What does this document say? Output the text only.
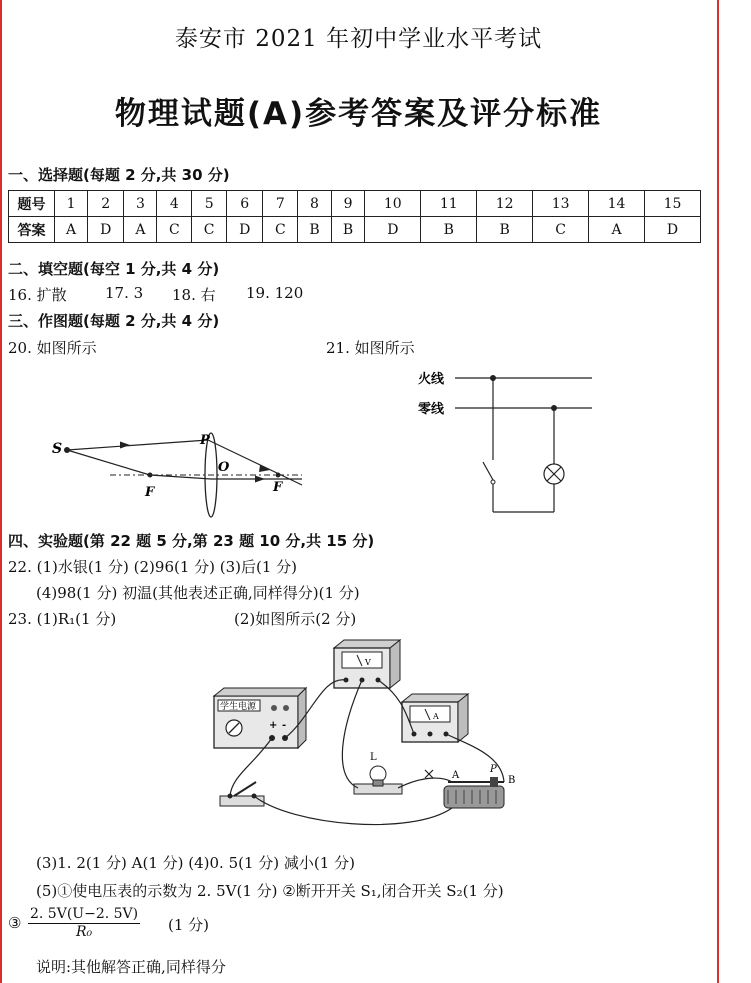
泰安市 2021 年初中学业水平考试
物理试题(A)参考答案及评分标准
一、选择题(每题 2 分,共 30 分)
题号	1	2	3	4	5	6	7	8	9	10	11	12	13	14	15
答案	A	D	A	C	C	D	C	B	B	D	B	B	C	A	D
二、填空题(每空 1 分,共 4 分)
16. 扩散	17. 3 18. 右 19. 120
三、作图题(每题 2 分,共 4 分)
20. 如图所示	21. 如图所示
S
P
O
F	F
火线
零线
四、实验题(第 22 题 5 分,第 23 题 10 分,共 15 分)
22. (1)水银(1 分) (2)96(1 分) (3)后(1 分)
(4)98(1 分) 初温(其他表述正确,同样得分)(1 分)
23. (1)R₁(1 分)	(2)如图所示(2 分)
学生电源
+ -
V
A
L
A
P
B
(3)1. 2(1 分) A(1 分) (4)0. 5(1 分) 减小(1 分)
(5)①使电压表的示数为 2. 5V(1 分) ②断开开关 S₁,闭合开关 S₂(1 分)
③ $\frac{2. 5V(U-2. 5V)}{\text{R₀}} (1$ 分)
说明:其他解答正确,同样得分
